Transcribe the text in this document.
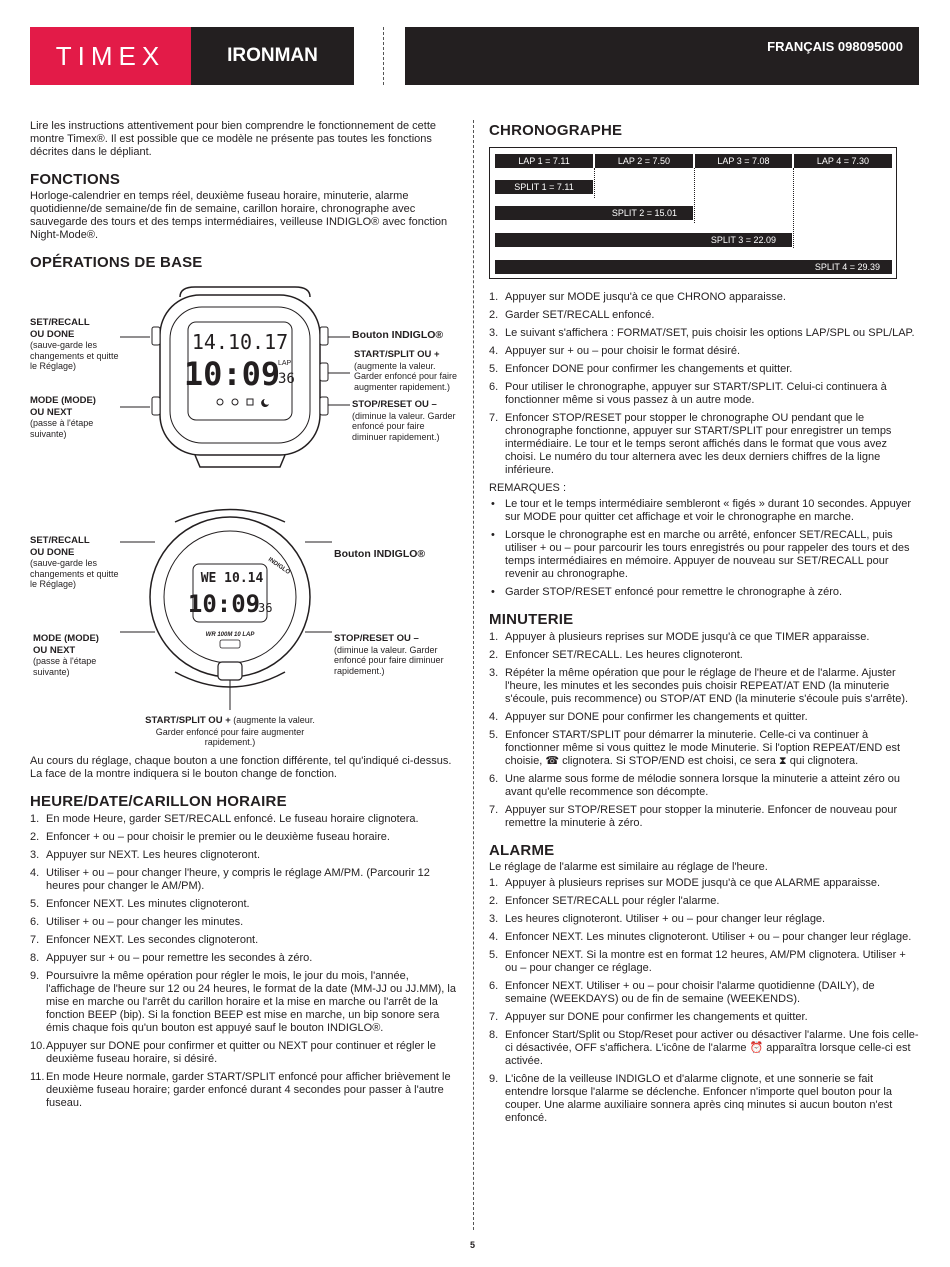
TIMEX	IRONMAN	FRANÇAIS 098095000

Lire les instructions attentivement pour bien comprendre le fonctionnement de cette montre Timex®. Il est possible que ce modèle ne présente pas toutes les fonctions décrites dans le dépliant.

FONCTIONS

Horloge-calendrier en temps réel, deuxième fuseau horaire, minuterie, alarme quotidienne/de semaine/de fin de semaine, carillon horaire, chronographe avec sauvegarde des tours et des temps intermédiaires, veilleuse INDIGLO® avec fonction Night-Mode®.

OPÉRATIONS DE BASE
SET/RECALL
OU DONE
(sauve-garde les changements et quitte le Réglage)
MODE (MODE)
OU NEXT
(passe à l'étape suivante)
Bouton INDIGLO®
START/SPLIT OU +
(augmente la valeur. Garder enfoncé pour faire augmenter rapidement.)
STOP/RESET OU –
(diminue la valeur. Garder enfoncé pour faire diminuer rapidement.)
14.10.17
10:09
LAP
36
SET/RECALL
OU DONE
(sauve-garde les changements et quitte le Réglage)
MODE (MODE)
OU NEXT
(passe à l'étape suivante)
Bouton INDIGLO®
STOP/RESET OU –
(diminue la valeur. Garder enfoncé pour faire diminuer rapidement.)
START/SPLIT OU + (augmente la valeur. Garder enfoncé pour faire augmenter rapidement.)
WE 10.14
10:09
36
WR 100M 10 LAP
INDIGLO

Au cours du réglage, chaque bouton a une fonction différente, tel qu'indiqué ci-dessus. La face de la montre indiquera si le bouton change de fonction.

HEURE/DATE/CARILLON HORAIRE
1. En mode Heure, garder SET/RECALL enfoncé. Le fuseau horaire clignotera.
2. Enfoncer + ou – pour choisir le premier ou le deuxième fuseau horaire.
3. Appuyer sur NEXT. Les heures clignoteront.
4. Utiliser + ou – pour changer l'heure, y compris le réglage AM/PM. (Parcourir 12 heures pour changer le AM/PM).
5. Enfoncer NEXT. Les minutes clignoteront.
6. Utiliser + ou – pour changer les minutes.
7. Enfoncer NEXT. Les secondes clignoteront.
8. Appuyer sur + ou – pour remettre les secondes à zéro.
9. Poursuivre la même opération pour régler le mois, le jour du mois, l'année, l'affichage de l'heure sur 12 ou 24 heures, le format de la date (MM-JJ ou JJ.MM), la mise en marche ou l'arrêt du carillon horaire et la mise en marche ou l'arrêt de la fonction BEEP (bip). Si la fonction BEEP est mise en marche, un bip sonore sera émis chaque fois qu'un bouton est appuyé sauf le bouton INDIGLO®.
10. Appuyer sur DONE pour confirmer et quitter ou NEXT pour continuer et régler le deuxième fuseau horaire, si désiré.
11. En mode Heure normale, garder START/SPLIT enfoncé pour afficher brièvement le deuxième fuseau horaire; garder enfoncé durant 4 secondes pour passer à l'autre fuseau.
CHRONOGRAPHE
LAP 1 = 7.11	LAP 2 = 7.50	LAP 3 = 7.08	LAP 4 = 7.30
SPLIT 1 = 7.11
SPLIT 2 = 15.01
SPLIT 3 = 22.09
SPLIT 4 = 29.39
1. Appuyer sur MODE jusqu'à ce que CHRONO apparaisse.
2. Garder SET/RECALL enfoncé.
3. Le suivant s'affichera : FORMAT/SET, puis choisir les options LAP/SPL ou SPL/LAP.
4. Appuyer sur + ou – pour choisir le format désiré.
5. Enfoncer DONE pour confirmer les changements et quitter.
6. Pour utiliser le chronographe, appuyer sur START/SPLIT. Celui-ci continuera à fonctionner même si vous passez à un autre mode.
7. Enfoncer STOP/RESET pour stopper le chronographe OU pendant que le chronographe fonctionne, appuyer sur START/SPLIT pour enregistrer un temps intermédiaire. Le tour et le temps seront affichés dans le format que vous avez choisi. Le numéro du tour alternera avec les deux derniers chiffres de la ligne inférieure.

REMARQUES :

• Le tour et le temps intermédiaire sembleront « figés » durant 10 secondes. Appuyer sur MODE pour quitter cet affichage et voir le chronographe en marche.
• Lorsque le chronographe est en marche ou arrêté, enfoncer SET/RECALL, puis utiliser + ou – pour parcourir les tours enregistrés ou pour rappeler des tours et des temps intermédiaires en mémoire. Appuyer de nouveau sur SET/RECALL pour revenir au chronographe.
• Garder STOP/RESET enfoncé pour remettre le chronographe à zéro.
MINUTERIE
1. Appuyer à plusieurs reprises sur MODE jusqu'à ce que TIMER apparaisse.
2. Enfoncer SET/RECALL. Les heures clignoteront.
3. Répéter la même opération que pour le réglage de l'heure et de l'alarme. Ajuster l'heure, les minutes et les secondes puis choisir REPEAT/AT END (la minuterie s'écoule, puis recommence) ou STOP/AT END (la minuterie s'écoule puis s'arrête).
4. Appuyer sur DONE pour confirmer les changements et quitter.
5. Enfoncer START/SPLIT pour démarrer la minuterie. Celle-ci va continuer à fonctionner même si vous quittez le mode Minuterie. Si l'option REPEAT/END est choisie, ☎ clignotera. Si STOP/END est choisi, ce sera ⧗ qui clignotera.
6. Une alarme sous forme de mélodie sonnera lorsque la minuterie a atteint zéro ou avant qu'elle recommence son décompte.
7. Appuyer sur STOP/RESET pour stopper la minuterie. Enfoncer de nouveau pour remettre la minuterie à zéro.
ALARME

Le réglage de l'alarme est similaire au réglage de l'heure.

1. Appuyer à plusieurs reprises sur MODE jusqu'à ce que ALARME apparaisse.
2. Enfoncer SET/RECALL pour régler l'alarme.
3. Les heures clignoteront. Utiliser + ou – pour changer leur réglage.
4. Enfoncer NEXT. Les minutes clignoteront. Utiliser + ou – pour changer leur réglage.
5. Enfoncer NEXT. Si la montre est en format 12 heures, AM/PM clignotera. Utiliser + ou – pour changer ce réglage.
6. Enfoncer NEXT. Utiliser + ou – pour choisir l'alarme quotidienne (DAILY), de semaine (WEEKDAYS) ou de fin de semaine (WEEKENDS).
7. Appuyer sur DONE pour confirmer les changements et quitter.
8. Enfoncer Start/Split ou Stop/Reset pour activer ou désactiver l'alarme. Une fois celle-ci désactivée, OFF s'affichera. L'icône de l'alarme ⏰ apparaîtra lorsque celle-ci est activée.
9. L'icône de la veilleuse INDIGLO et d'alarme clignote, et une sonnerie se fait entendre lorsque l'alarme se déclenche. Enfoncer n'importe quel bouton pour la couper. Une alarme auxiliaire sonnera après cinq minutes si aucun bouton n'est enfoncé.
5
